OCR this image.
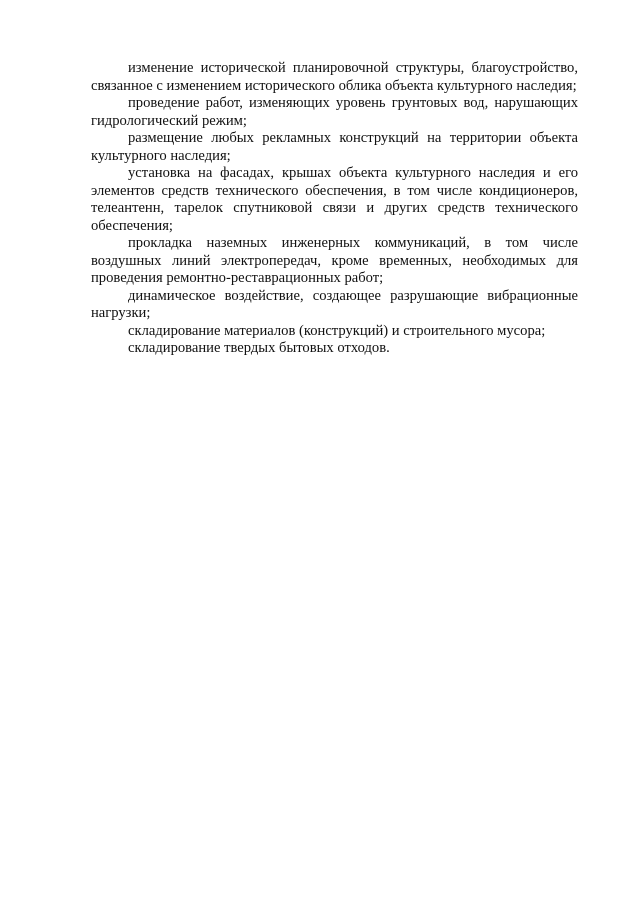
изменение исторической планировочной структуры, благоустройство, связанное с изменением исторического облика объекта культурного наследия;

проведение работ, изменяющих уровень грунтовых вод, нарушающих гидрологический режим;

размещение любых рекламных конструкций на территории объекта культурного наследия;

установка на фасадах, крышах объекта культурного наследия и его элементов средств технического обеспечения, в том числе кондиционеров, телеантенн, тарелок спутниковой связи и других средств технического обеспечения;

прокладка наземных инженерных коммуникаций, в том числе воздушных линий электропередач, кроме временных, необходимых для проведения ремонтно-реставрационных работ;

динамическое воздействие, создающее разрушающие вибрационные нагрузки;

складирование материалов (конструкций) и строительного мусора;

складирование твердых бытовых отходов.
